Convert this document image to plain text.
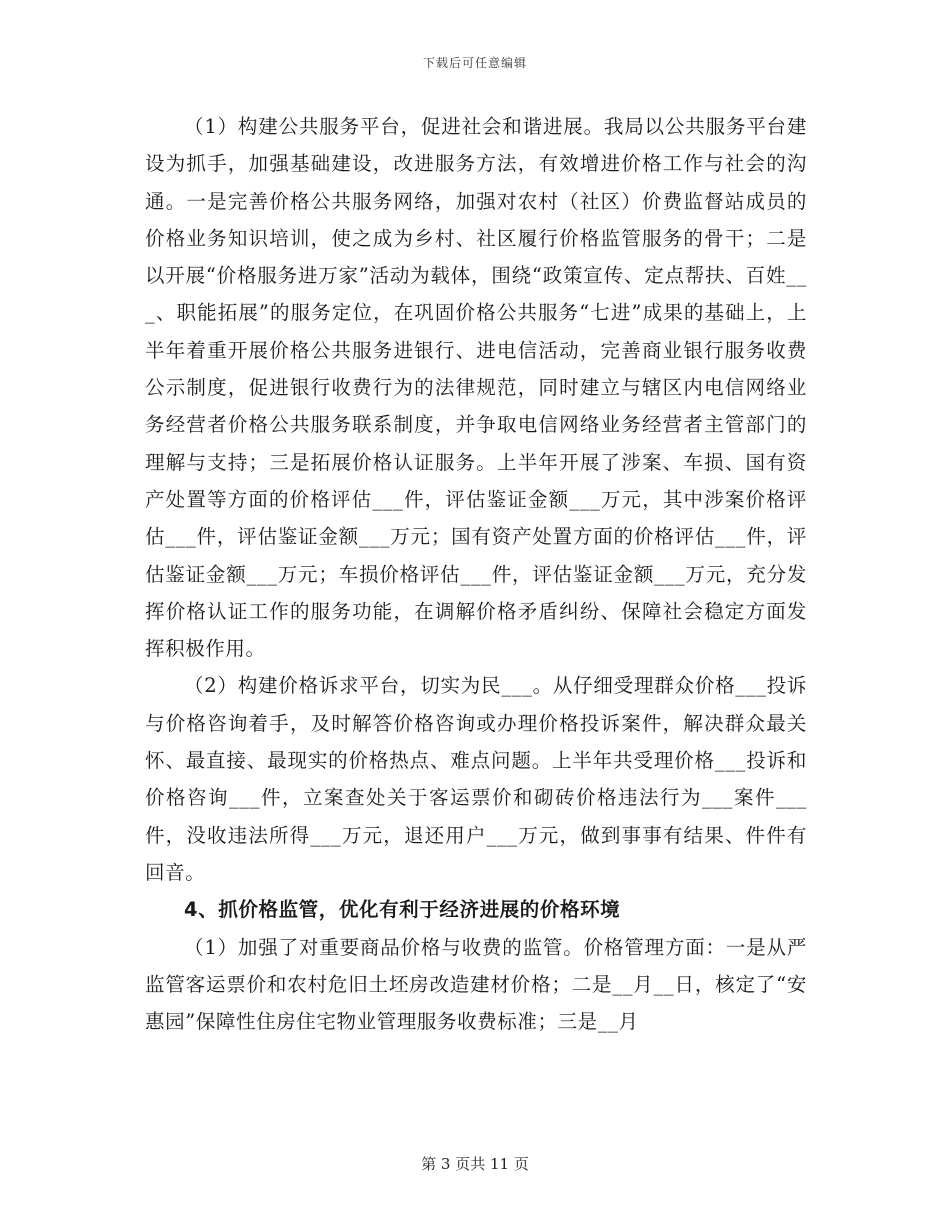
下载后可任意编辑

（1）构建公共服务平台，促进社会和谐进展。我局以公共服务平台建设为抓手，加强基础建设，改进服务方法，有效增进价格工作与社会的沟通。一是完善价格公共服务网络，加强对农村（社区）价费监督站成员的价格业务知识培训，使之成为乡村、社区履行价格监管服务的骨干；二是以开展“价格服务进万家”活动为载体，围绕“政策宣传、定点帮扶、百姓___、职能拓展”的服务定位，在巩固价格公共服务“七进”成果的基础上，上半年着重开展价格公共服务进银行、进电信活动，完善商业银行服务收费公示制度，促进银行收费行为的法律规范，同时建立与辖区内电信网络业务经营者价格公共服务联系制度，并争取电信网络业务经营者主管部门的理解与支持；三是拓展价格认证服务。上半年开展了涉案、车损、国有资产处置等方面的价格评估___件，评估鉴证金额___万元，其中涉案价格评估___件，评估鉴证金额___万元；国有资产处置方面的价格评估___件，评估鉴证金额___万元；车损价格评估___件，评估鉴证金额___万元，充分发挥价格认证工作的服务功能，在调解价格矛盾纠纷、保障社会稳定方面发挥积极作用。

（2）构建价格诉求平台，切实为民___。从仔细受理群众价格___投诉与价格咨询着手，及时解答价格咨询或办理价格投诉案件，解决群众最关怀、最直接、最现实的价格热点、难点问题。上半年共受理价格___投诉和价格咨询___件，立案查处关于客运票价和砌砖价格违法行为___案件___件，没收违法所得___万元，退还用户___万元，做到事事有结果、件件有回音。

4、抓价格监管，优化有利于经济进展的价格环境

（1）加强了对重要商品价格与收费的监管。价格管理方面：一是从严监管客运票价和农村危旧土坯房改造建材价格；二是__月__日，核定了“安惠园”保障性住房住宅物业管理服务收费标准；三是__月

第 3 页共 11 页
